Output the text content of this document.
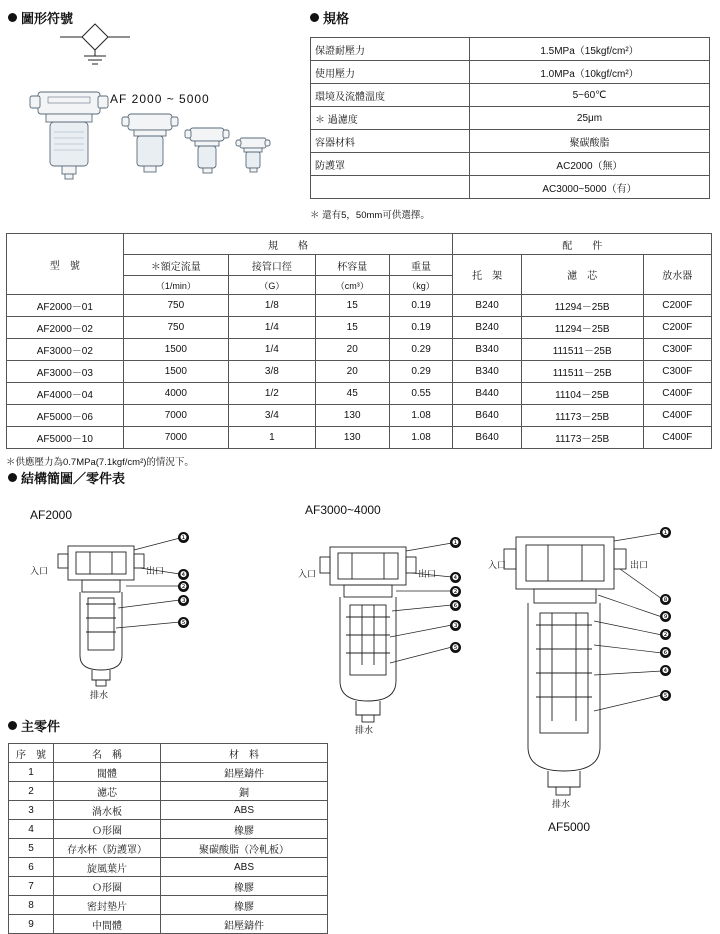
圖形符號
AF 2000 ~ 5000
規格
保證耐壓力	1.5MPa（15kgf/cm²）
使用壓力	1.0MPa（10kgf/cm²）
環境及流體溫度	5~60℃
＊ 過濾度	25μm
容器材料	聚碳酸脂
防護罩	AC2000（無）
	AC3000~5000（有）
＊ 還有5，50mm可供選擇。
型　號	規　　格				配　　件		
	＊額定流量	接管口徑	杯容量	重量	托　架	濾　芯	放水器
	（1/min）	（G）	（cm³）	（kg）			
AF2000－01	750	1/8	15	0.19	B240	11294－25B	C200F
AF2000－02	750	1/4	15	0.19	B240	11294－25B	C200F
AF3000－02	1500	1/4	20	0.29	B340	111511－25B	C300F
AF3000－03	1500	3/8	20	0.29	B340	111511－25B	C300F
AF4000－04	4000	1/2	45	0.55	B440	11104－25B	C400F
AF5000－06	7000	3/4	130	1.08	B640	11173－25B	C400F
AF5000－10	7000	1	130	1.08	B640	11173－25B	C400F
＊供應壓力為0.7MPa(7.1kgf/cm²)的情況下。
結構簡圖／零件表
AF2000
❶
❹
❷
❸
❺
入口	出口
排水
AF3000~4000
❶
❹
❷
❻
❸
❺
入口	出口
排水
❶
❽
❾
❷
❻
❹
❺
入口	出口
排水
AF5000
主零件
序　號	名　稱	材　料
1	閥體	鋁壓鑄件
2	濾芯	銅
3	渦水板	ABS
4	Ｏ形圈	橡膠
5	存水杯（防護罩）	聚碳酸脂（冷軋板）
6	旋風葉片	ABS
7	Ｏ形圈	橡膠
8	密封墊片	橡膠
9	中間體	鋁壓鑄件
